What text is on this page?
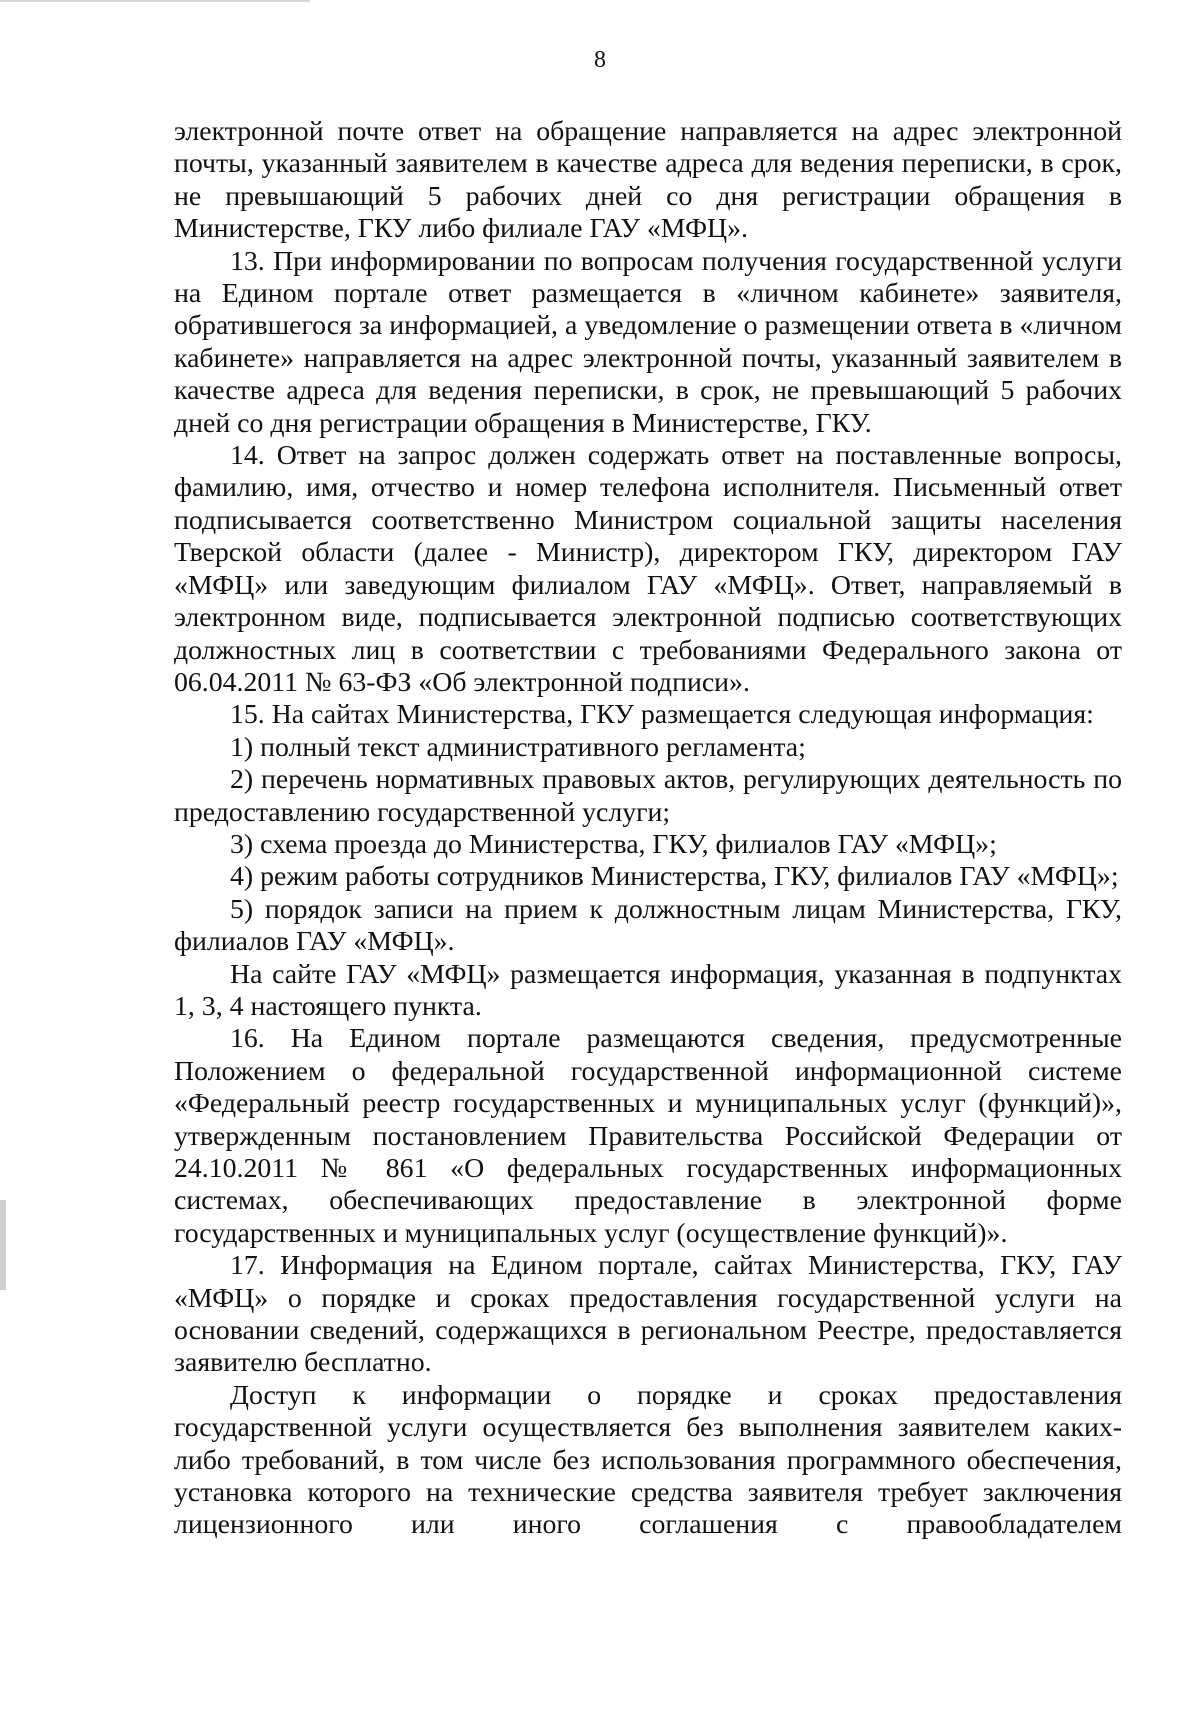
8

электронной почте ответ на обращение направляется на адрес электронной почты, указанный заявителем в качестве адреса для ведения переписки, в срок, не превышающий 5 рабочих дней со дня регистрации обращения в Министерстве, ГКУ либо филиале ГАУ «МФЦ».

13. При информировании по вопросам получения государственной услуги на Едином портале ответ размещается в «личном кабинете» заявителя, обратившегося за информацией, а уведомление о размещении ответа в «личном кабинете» направляется на адрес электронной почты, указанный заявителем в качестве адреса для ведения переписки, в срок, не превышающий 5 рабочих дней со дня регистрации обращения в Министерстве, ГКУ.

14. Ответ на запрос должен содержать ответ на поставленные вопросы, фамилию, имя, отчество и номер телефона исполнителя. Письменный ответ подписывается соответственно Министром социальной защиты населения Тверской области (далее - Министр), директором ГКУ, директором ГАУ «МФЦ» или заведующим филиалом ГАУ «МФЦ». Ответ, направляемый в электронном виде, подписывается электронной подписью соответствующих должностных лиц в соответствии с требованиями Федерального закона от 06.04.2011 № 63-ФЗ «Об электронной подписи».

15. На сайтах Министерства, ГКУ размещается следующая информация:

1) полный текст административного регламента;

2) перечень нормативных правовых актов, регулирующих деятельность по предоставлению государственной услуги;

3) схема проезда до Министерства, ГКУ, филиалов ГАУ «МФЦ»;

4) режим работы сотрудников Министерства, ГКУ, филиалов ГАУ «МФЦ»;

5) порядок записи на прием к должностным лицам Министерства, ГКУ, филиалов ГАУ «МФЦ».

На сайте ГАУ «МФЦ» размещается информация, указанная в подпунктах 1, 3, 4 настоящего пункта.

16. На Едином портале размещаются сведения, предусмотренные Положением о федеральной государственной информационной системе «Федеральный реестр государственных и муниципальных услуг (функций)», утвержденным постановлением Правительства Российской Федерации от 24.10.2011 № 861 «О федеральных государственных информационных системах, обеспечивающих предоставление в электронной форме государственных и муниципальных услуг (осуществление функций)».

17. Информация на Едином портале, сайтах Министерства, ГКУ, ГАУ «МФЦ» о порядке и сроках предоставления государственной услуги на основании сведений, содержащихся в региональном Реестре, предоставляется заявителю бесплатно.

Доступ к информации о порядке и сроках предоставления государственной услуги осуществляется без выполнения заявителем каких-либо требований, в том числе без использования программного обеспечения, установка которого на технические средства заявителя требует заключения лицензионного или иного соглашения с правообладателем
